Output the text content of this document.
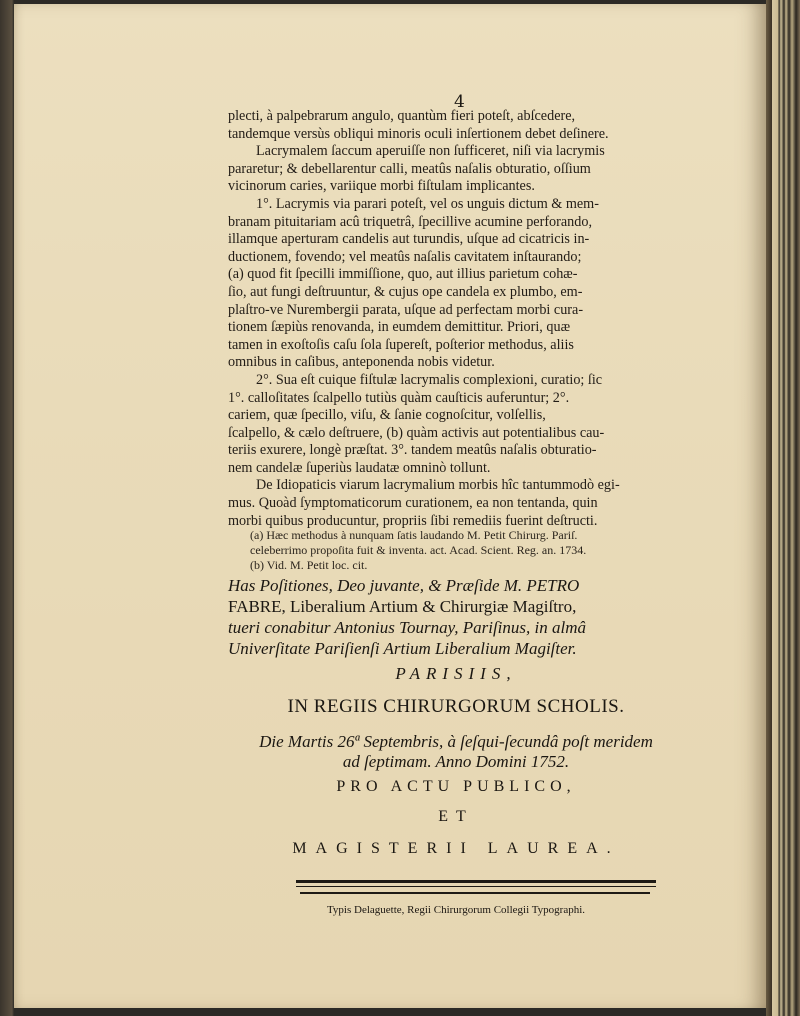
4

plecti, à palpebrarum angulo, quantùm fieri poteſt, abſcedere,

tandemque versùs obliqui minoris oculi inſertionem debet deſinere.

Lacrymalem ſaccum aperuiſſe non ſufficeret, niſi via lacrymis

pararetur; & debellarentur calli, meatûs naſalis obturatio, oſſium

vicinorum caries, variique morbi fiſtulam implicantes.

1°. Lacrymis via parari poteſt, vel os unguis dictum & mem-

branam pituitariam acû triquetrâ, ſpecillive acumine perforando,

illamque aperturam candelis aut turundis, uſque ad cicatricis in-

ductionem, fovendo; vel meatûs naſalis cavitatem inſtaurando;

(a) quod fit ſpecilli immiſſione, quo, aut illius parietum cohæ-

ſio, aut fungi deſtruuntur, & cujus ope candela ex plumbo, em-

plaſtro-ve Nurembergii parata, uſque ad perfectam morbi cura-

tionem ſæpiùs renovanda, in eumdem demittitur. Priori, quæ

tamen in exoſtoſis caſu ſola ſupereſt, poſterior methodus, aliis

omnibus in caſibus, anteponenda nobis videtur.

2°. Sua eſt cuique fiſtulæ lacrymalis complexioni, curatio; ſic

1°. calloſitates ſcalpello tutiùs quàm cauſticis auferuntur; 2°.

cariem, quæ ſpecillo, viſu, & ſanie cognoſcitur, volſellis,

ſcalpello, & cælo deſtruere, (b) quàm activis aut potentialibus cau-

teriis exurere, longè præſtat. 3°. tandem meatûs naſalis obturatio-

nem candelæ ſuperiùs laudatæ omninò tollunt.

De Idiopaticis viarum lacrymalium morbis hîc tantummodò egi-

mus. Quoàd ſymptomaticorum curationem, ea non tentanda, quin

morbi quibus producuntur, propriis ſibi remediis fuerint deſtructi.

(a) Hæc methodus à nunquam ſatis laudando M. Petit Chirurg. Pariſ.

celeberrimo propoſita fuit & inventa. act. Acad. Scient. Reg. an. 1734.

(b) Vid. M. Petit loc. cit.

Has Poſitiones, Deo juvante, & Præſide M. PETRO

FABRE, Liberalium Artium & Chirurgiæ Magiſtro,

tueri conabitur Antonius Tournay, Pariſinus, in almâ

Univerſitate Pariſienſi Artium Liberalium Magiſter.

PARISIIS,
IN REGIIS CHIRURGORUM SCHOLIS.
Die Martis 26ª Septembris, à ſeſqui-ſecundâ poſt meridem
ad ſeptimam. Anno Domini 1752.
PRO ACTU PUBLICO,
ET
MAGISTERII LAUREA.
Typis Delaguette, Regii Chirurgorum Collegii Typographi.
